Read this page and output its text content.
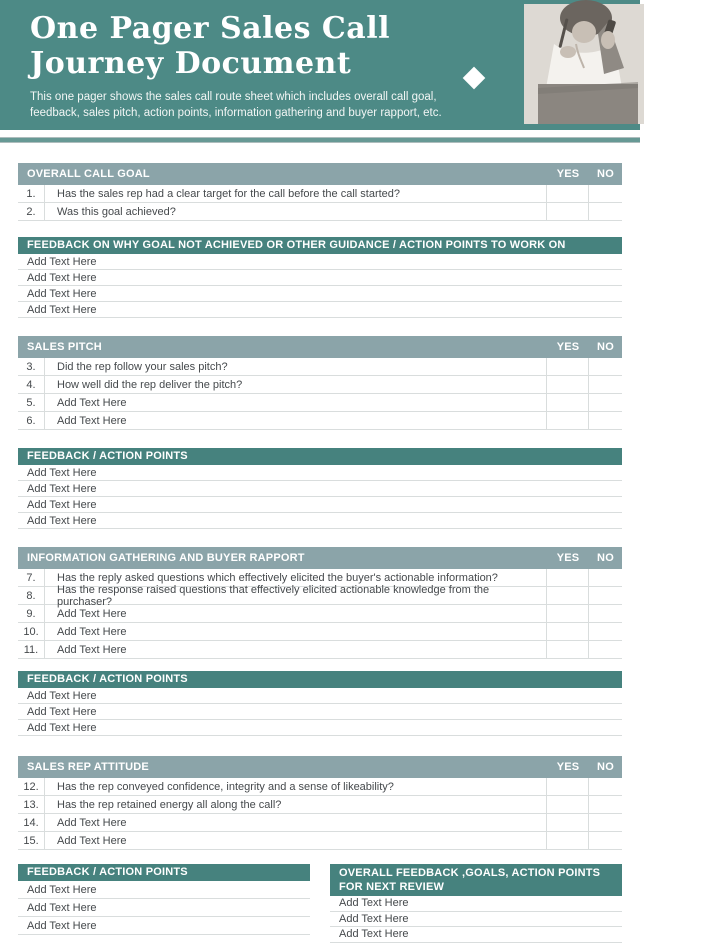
One Pager Sales Call
Journey Document
This one pager shows the sales call route sheet which includes overall call goal, feedback, sales pitch, action points, information gathering and buyer rapport, etc.
OVERALL CALL GOAL	YES	NO
1.	Has the sales rep had a clear target for the call before the call started?
2.	Was this goal achieved?
FEEDBACK ON WHY GOAL NOT ACHIEVED OR OTHER GUIDANCE / ACTION POINTS TO WORK ON
Add Text Here
Add Text Here
Add Text Here
Add Text Here
SALES PITCH	YES	NO
3.	Did the rep follow your sales pitch?
4.	How well did the rep deliver the pitch?
5.	Add Text Here
6.	Add Text Here
FEEDBACK / ACTION POINTS
Add Text Here
Add Text Here
Add Text Here
Add Text Here
INFORMATION GATHERING AND BUYER RAPPORT	YES	NO
7.	Has the reply asked questions which effectively elicited the buyer's actionable information?
8.	Has the response raised questions that effectively elicited actionable knowledge from the purchaser?
9.	Add Text Here
10.	Add Text Here
11.	Add Text Here
FEEDBACK / ACTION POINTS
Add Text Here
Add Text Here
Add Text Here
SALES REP ATTITUDE	YES	NO
12.	Has the rep conveyed confidence, integrity and a sense of likeability?
13.	Has the rep retained energy all along the call?
14.	Add Text Here
15.	Add Text Here
FEEDBACK / ACTION POINTS
Add Text Here
Add Text Here
Add Text Here
OVERALL FEEDBACK ,GOALS, ACTION POINTS FOR NEXT REVIEW
Add Text Here
Add Text Here
Add Text Here
